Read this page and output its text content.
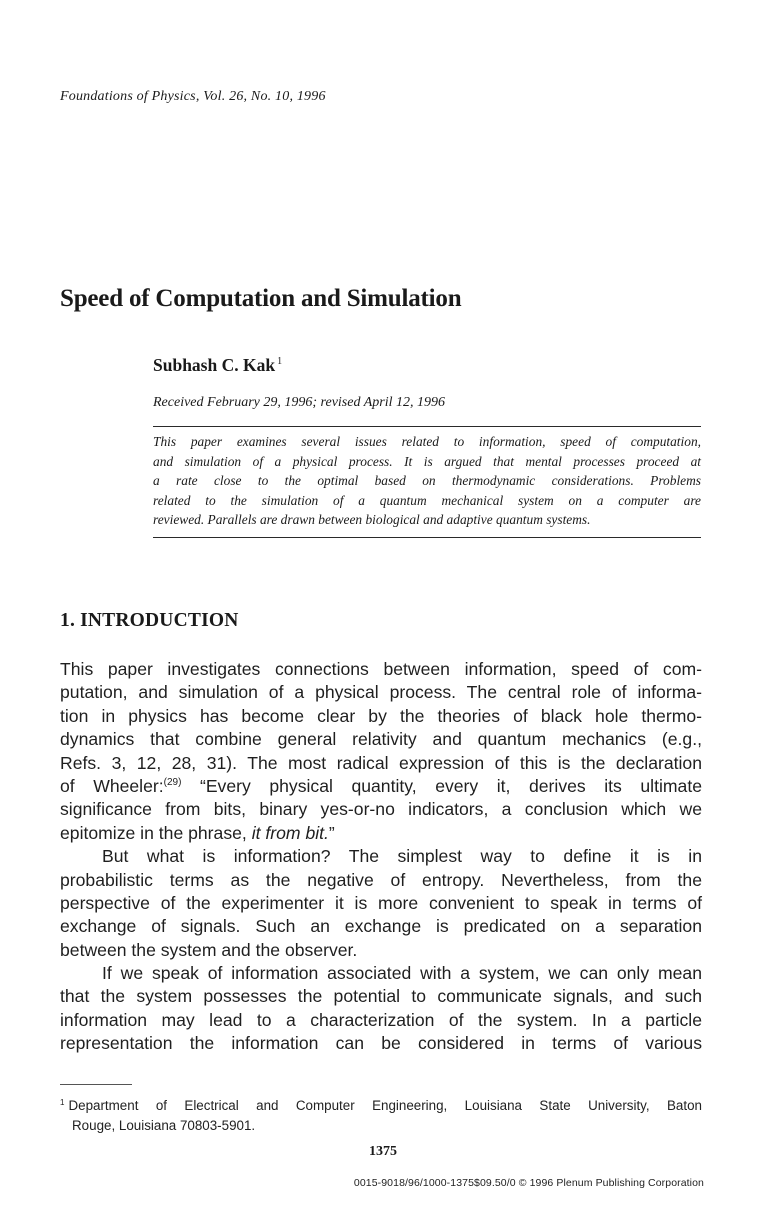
Foundations of Physics, Vol. 26, No. 10, 1996
Speed of Computation and Simulation
Subhash C. Kak $^1$
Received February 29, 1996; revised April 12, 1996
This paper examines several issues related to information, speed of computation,
and simulation of a physical process. It is argued that mental processes proceed at
a rate close to the optimal based on thermodynamic considerations. Problems
related to the simulation of a quantum mechanical system on a computer are
reviewed. Parallels are drawn between biological and adaptive quantum systems.
1. INTRODUCTION
This paper investigates connections between information, speed of com-
putation, and simulation of a physical process. The central role of informa-
tion in physics has become clear by the theories of black hole thermo-
dynamics that combine general relativity and quantum mechanics (e.g.,
Refs. 3, 12, 28, 31). The most radical expression of this is the declaration
of Wheeler:$^{(29)}$ “Every physical quantity, every it, derives its ultimate
significance from bits, binary yes-or-no indicators, a conclusion which we
epitomize in the phrase, it from bit.”
But what is information? The simplest way to define it is in
probabilistic terms as the negative of entropy. Nevertheless, from the
perspective of the experimenter it is more convenient to speak in terms of
exchange of signals. Such an exchange is predicated on a separation
between the system and the observer.
If we speak of information associated with a system, we can only mean
that the system possesses the potential to communicate signals, and such
information may lead to a characterization of the system. In a particle
representation the information can be considered in terms of various
$^1$ Department of Electrical and Computer Engineering, Louisiana State University, Baton
Rouge, Louisiana 70803-5901.
1375
0015-9018/96/1000-1375$09.50/0 © 1996 Plenum Publishing Corporation
